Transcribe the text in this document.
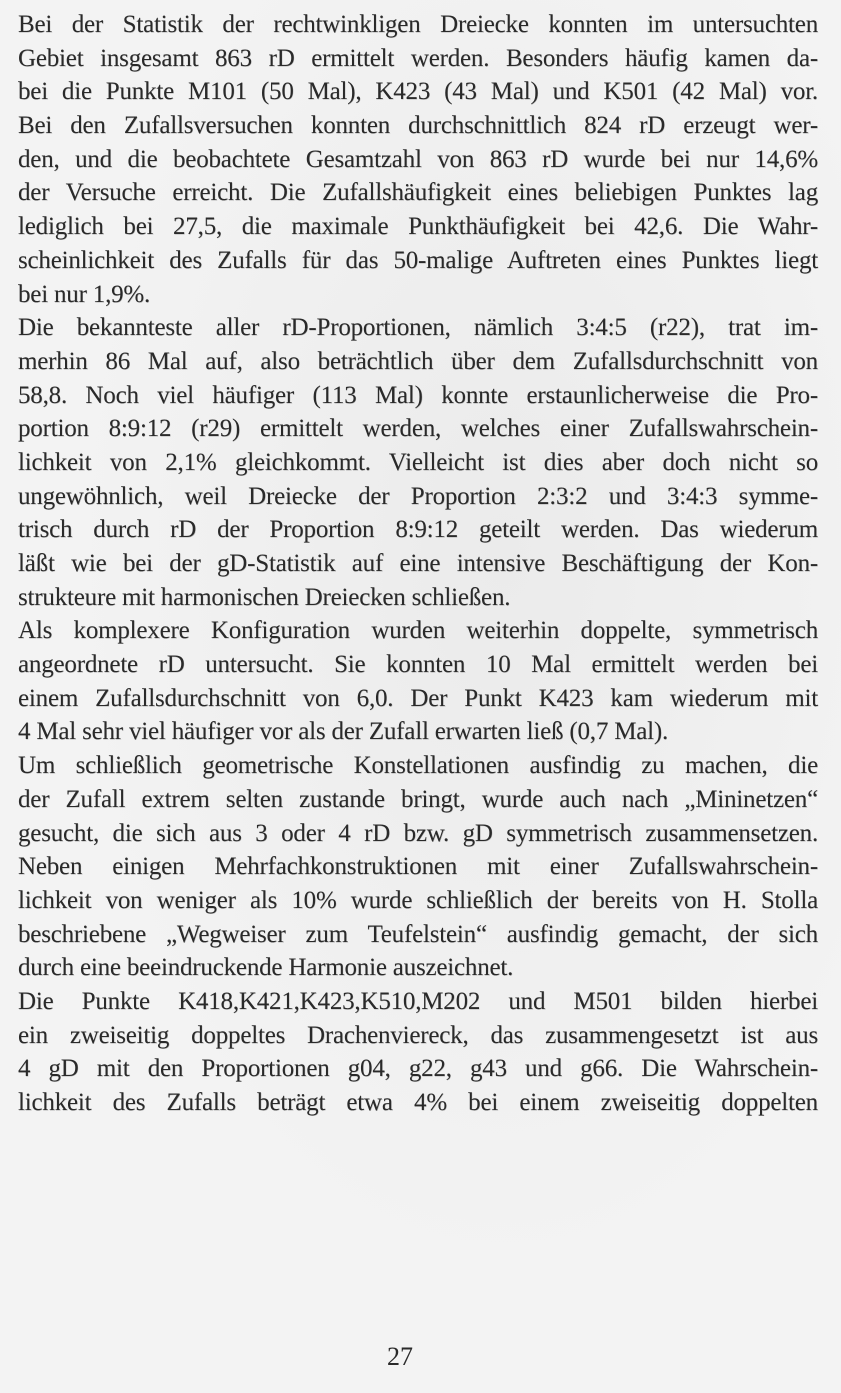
Bei der Statistik der rechtwinkligen Dreiecke konnten im untersuchten
Gebiet insgesamt 863 rD ermittelt werden. Besonders häufig kamen da-
bei die Punkte M101 (50 Mal), K423 (43 Mal) und K501 (42 Mal) vor.
Bei den Zufallsversuchen konnten durchschnittlich 824 rD erzeugt wer-
den, und die beobachtete Gesamtzahl von 863 rD wurde bei nur 14,6%
der Versuche erreicht. Die Zufallshäufigkeit eines beliebigen Punktes lag
lediglich bei 27,5, die maximale Punkthäufigkeit bei 42,6. Die Wahr-
scheinlichkeit des Zufalls für das 50-malige Auftreten eines Punktes liegt
bei nur 1,9%.
Die bekannteste aller rD-Proportionen, nämlich 3:4:5 (r22), trat im-
merhin 86 Mal auf, also beträchtlich über dem Zufallsdurchschnitt von
58,8. Noch viel häufiger (113 Mal) konnte erstaunlicherweise die Pro-
portion 8:9:12 (r29) ermittelt werden, welches einer Zufallswahrschein-
lichkeit von 2,1% gleichkommt. Vielleicht ist dies aber doch nicht so
ungewöhnlich, weil Dreiecke der Proportion 2:3:2 und 3:4:3 symme-
trisch durch rD der Proportion 8:9:12 geteilt werden. Das wiederum
läßt wie bei der gD-Statistik auf eine intensive Beschäftigung der Kon-
strukteure mit harmonischen Dreiecken schließen.
Als komplexere Konfiguration wurden weiterhin doppelte, symmetrisch
angeordnete rD untersucht. Sie konnten 10 Mal ermittelt werden bei
einem Zufallsdurchschnitt von 6,0. Der Punkt K423 kam wiederum mit
4 Mal sehr viel häufiger vor als der Zufall erwarten ließ (0,7 Mal).
Um schließlich geometrische Konstellationen ausfindig zu machen, die
der Zufall extrem selten zustande bringt, wurde auch nach „Mininetzen“
gesucht, die sich aus 3 oder 4 rD bzw. gD symmetrisch zusammensetzen.
Neben einigen Mehrfachkonstruktionen mit einer Zufallswahrschein-
lichkeit von weniger als 10% wurde schließlich der bereits von H. Stolla
beschriebene „Wegweiser zum Teufelstein“ ausfindig gemacht, der sich
durch eine beeindruckende Harmonie auszeichnet.
Die Punkte K418,K421,K423,K510,M202 und M501 bilden hierbei
ein zweiseitig doppeltes Drachenviereck, das zusammengesetzt ist aus
4 gD mit den Proportionen g04, g22, g43 und g66. Die Wahrschein-
lichkeit des Zufalls beträgt etwa 4% bei einem zweiseitig doppelten
27
